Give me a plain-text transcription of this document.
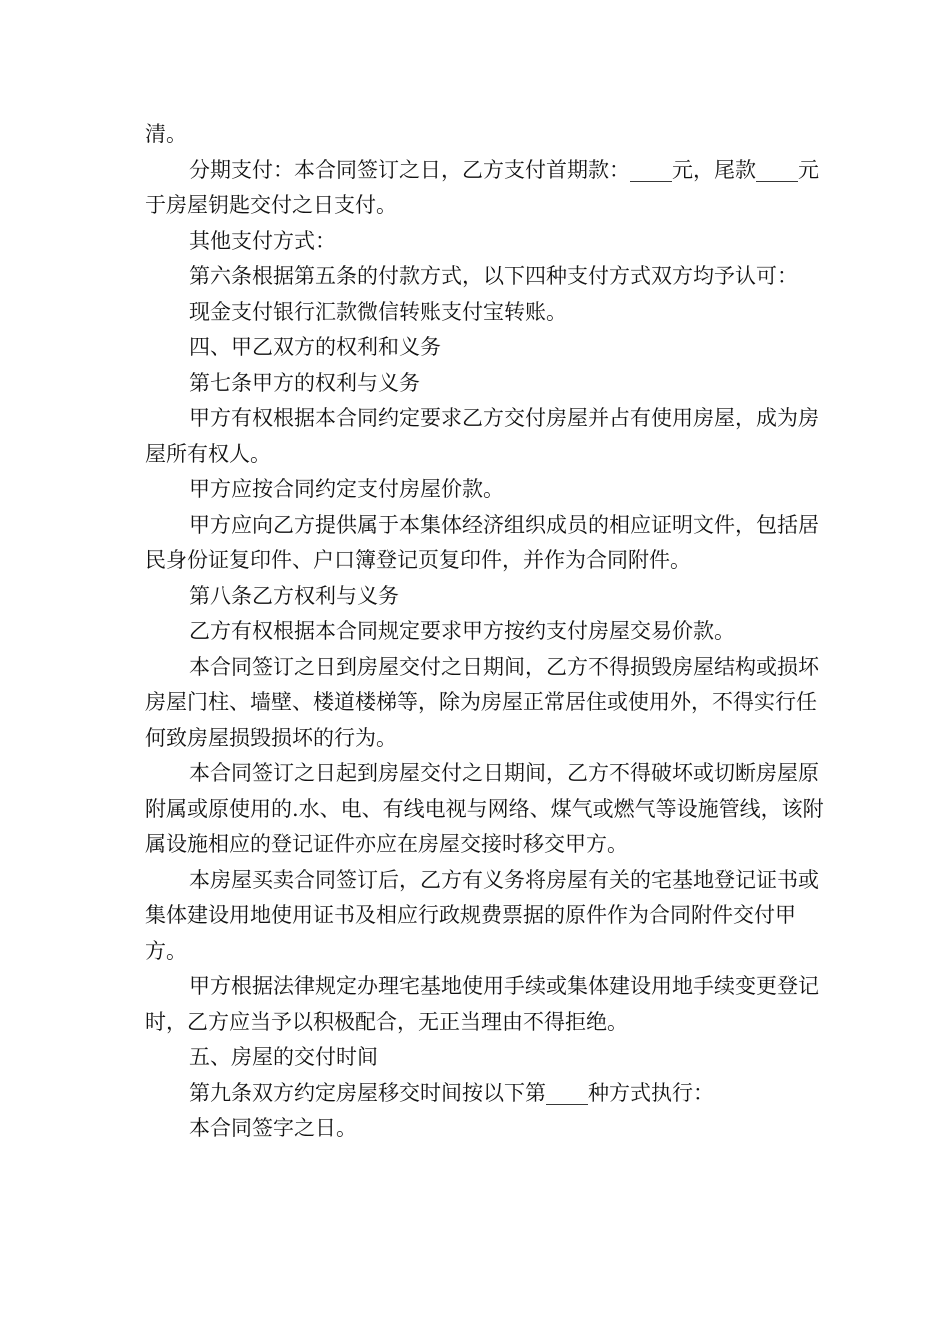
清。

分期支付：本合同签订之日，乙方支付首期款：____元，尾款____元于房屋钥匙交付之日支付。

其他支付方式：

第六条根据第五条的付款方式，以下四种支付方式双方均予认可：

现金支付银行汇款微信转账支付宝转账。

四、甲乙双方的权利和义务

第七条甲方的权利与义务

甲方有权根据本合同约定要求乙方交付房屋并占有使用房屋，成为房屋所有权人。

甲方应按合同约定支付房屋价款。

甲方应向乙方提供属于本集体经济组织成员的相应证明文件，包括居民身份证复印件、户口簿登记页复印件，并作为合同附件。

第八条乙方权利与义务

乙方有权根据本合同规定要求甲方按约支付房屋交易价款。

本合同签订之日到房屋交付之日期间，乙方不得损毁房屋结构或损坏房屋门柱、墙壁、楼道楼梯等，除为房屋正常居住或使用外，不得实行任何致房屋损毁损坏的行为。

本合同签订之日起到房屋交付之日期间，乙方不得破坏或切断房屋原附属或原使用的.水、电、有线电视与网络、煤气或燃气等设施管线，该附属设施相应的登记证件亦应在房屋交接时移交甲方。

本房屋买卖合同签订后，乙方有义务将房屋有关的宅基地登记证书或集体建设用地使用证书及相应行政规费票据的原件作为合同附件交付甲方。

甲方根据法律规定办理宅基地使用手续或集体建设用地手续变更登记时，乙方应当予以积极配合，无正当理由不得拒绝。

五、房屋的交付时间

第九条双方约定房屋移交时间按以下第____种方式执行：

本合同签字之日。
